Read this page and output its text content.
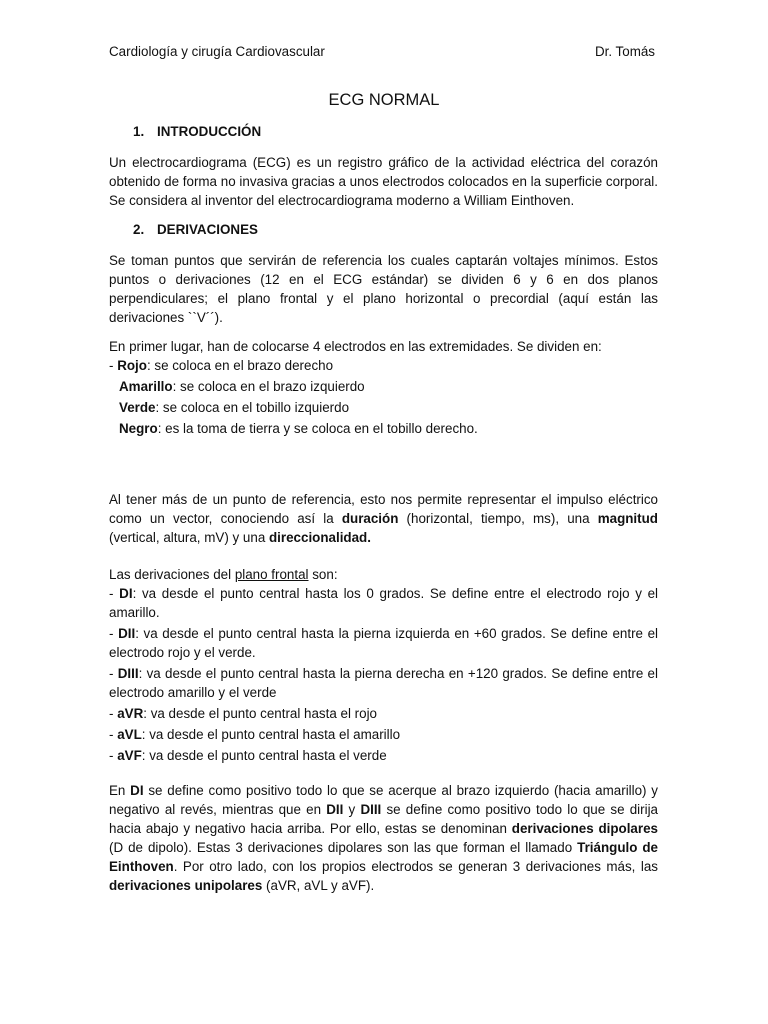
Cardiología y cirugía Cardiovascular	Dr. Tomás
ECG NORMAL
1. INTRODUCCIÓN

Un electrocardiograma (ECG) es un registro gráfico de la actividad eléctrica del corazón obtenido de forma no invasiva gracias a unos electrodos colocados en la superficie corporal. Se considera al inventor del electrocardiograma moderno a William Einthoven.

2. DERIVACIONES

Se toman puntos que servirán de referencia los cuales captarán voltajes mínimos. Estos puntos o derivaciones (12 en el ECG estándar) se dividen 6 y 6 en dos planos perpendiculares; el plano frontal y el plano horizontal o precordial (aquí están las derivaciones ``V´´).

En primer lugar, han de colocarse 4 electrodos en las extremidades. Se dividen en:

- Rojo: se coloca en el brazo derecho

Amarillo: se coloca en el brazo izquierdo

Verde: se coloca en el tobillo izquierdo

Negro: es la toma de tierra y se coloca en el tobillo derecho.

Al tener más de un punto de referencia, esto nos permite representar el impulso eléctrico como un vector, conociendo así la duración (horizontal, tiempo, ms), una magnitud (vertical, altura, mV) y una direccionalidad.

Las derivaciones del plano frontal son:

- DI: va desde el punto central hasta los 0 grados. Se define entre el electrodo rojo y el amarillo.

- DII: va desde el punto central hasta la pierna izquierda en +60 grados. Se define entre el electrodo rojo y el verde.

- DIII: va desde el punto central hasta la pierna derecha en +120 grados. Se define entre el electrodo amarillo y el verde

- aVR: va desde el punto central hasta el rojo

- aVL: va desde el punto central hasta el amarillo

- aVF: va desde el punto central hasta el verde

En DI se define como positivo todo lo que se acerque al brazo izquierdo (hacia amarillo) y negativo al revés, mientras que en DII y DIII se define como positivo todo lo que se dirija hacia abajo y negativo hacia arriba. Por ello, estas se denominan derivaciones dipolares (D de dipolo). Estas 3 derivaciones dipolares son las que forman el llamado Triángulo de Einthoven. Por otro lado, con los propios electrodos se generan 3 derivaciones más, las derivaciones unipolares (aVR, aVL y aVF).
